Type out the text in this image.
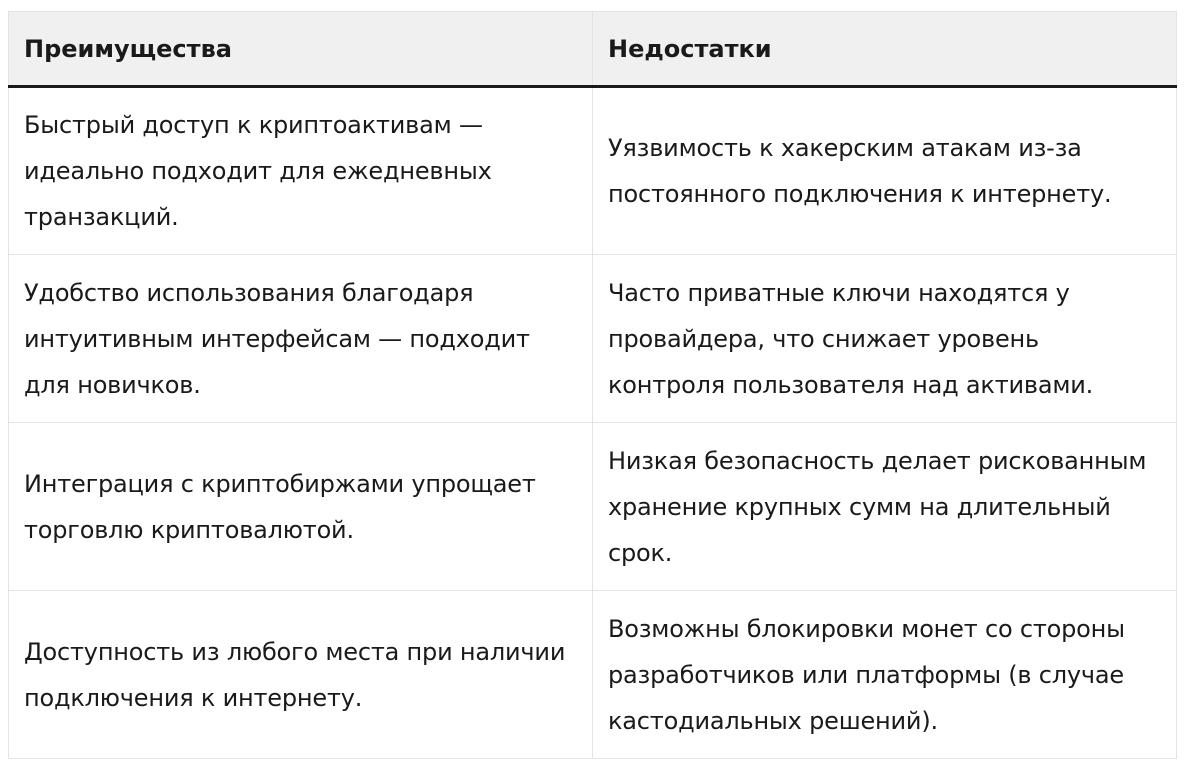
Преимущества	Недостатки
Быстрый доступ к криптоактивам — идеально подходит для ежедневных транзакций.	Уязвимость к хакерским атакам из-за постоянного подключения к интернету.
Удобство использования благодаря интуитивным интерфейсам — подходит для новичков.	Часто приватные ключи находятся у провайдера, что снижает уровень контроля пользователя над активами.
Интеграция с криптобиржами упрощает торговлю криптовалютой.	Низкая безопасность делает рискованным хранение крупных сумм на длительный срок.
Доступность из любого места при наличии подключения к интернету.	Возможны блокировки монет со стороны разработчиков или платформы (в случае кастодиальных решений).
